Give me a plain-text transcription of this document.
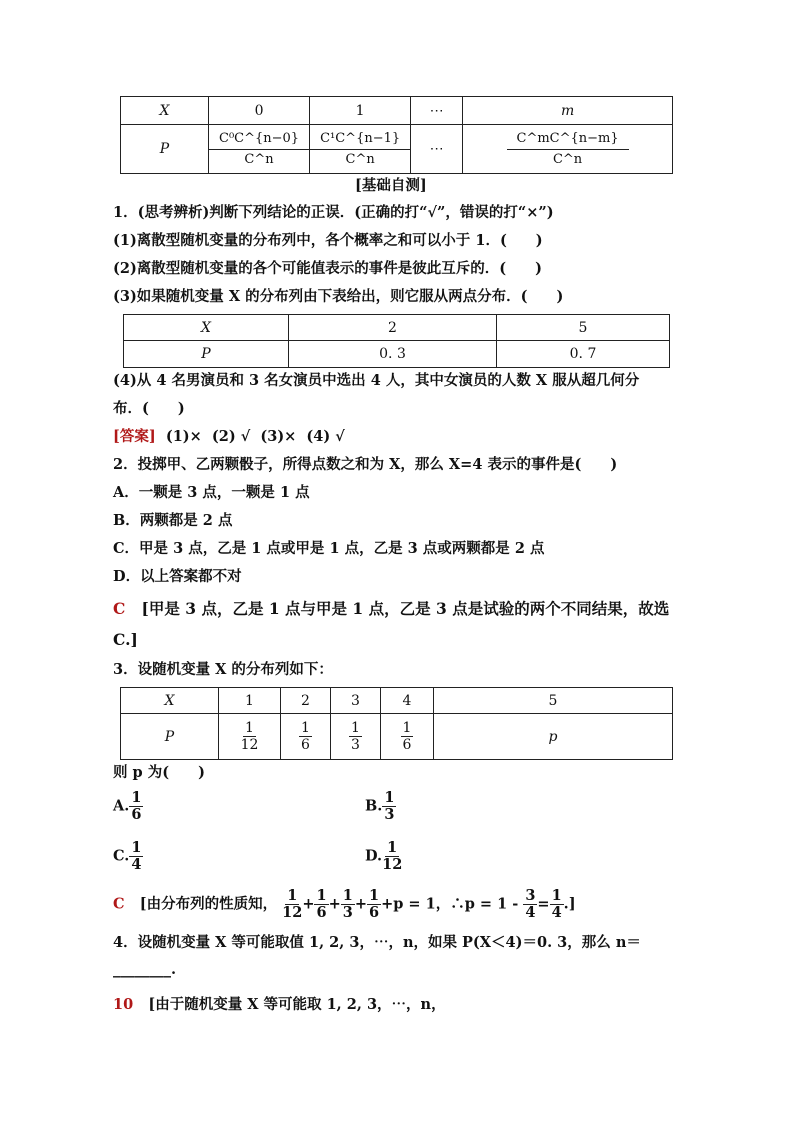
X	0	1	⋯	m
P	$\frac{\text{C⁰C\textasciicircum{}\{n−0\}}}{C\^{}n}$	$\frac{\text{C¹C\textasciicircum{}\{n−1\}}}{C\^{}n}$	⋯	$\frac{C\^{}mC\^{}\{n-m\}}{C\^{}n}$
[基础自测]
1．(思考辨析)判断下列结论的正误．(正确的打“√”，错误的打“×”)
(1)离散型随机变量的分布列中，各个概率之和可以小于 1．(　　)
(2)离散型随机变量的各个可能值表示的事件是彼此互斥的．(　　)
(3)如果随机变量 X 的分布列由下表给出，则它服从两点分布．(　　)
X	2	5
P	0. 3	0. 7
(4)从 4 名男演员和 3 名女演员中选出 4 人，其中女演员的人数 X 服从超几何分
布．(　　)
[答案]  (1)×  (2) √  (3)×  (4) √
2．投掷甲、乙两颗骰子，所得点数之和为 X，那么 X=4 表示的事件是(　　)
A．一颗是 3 点，一颗是 1 点
B．两颗都是 2 点
C．甲是 3 点，乙是 1 点或甲是 1 点，乙是 3 点或两颗都是 2 点
D．以上答案都不对
C [甲是 3 点，乙是 1 点与甲是 1 点，乙是 3 点是试验的两个不同结果，故选
C.]
3．设随机变量 X 的分布列如下：
X	1	2	3	4	5
P	$\frac{1}{12}$	$\frac{1}{6}$	$\frac{1}{3}$	$\frac{1}{6}$	p
则 p 为(　　)
A. $\frac{1}{6}$	B. $\frac{1}{3}$
C. $\frac{1}{4}$	D. $\frac{1}{12}$
C [由分布列的性质知， $\frac{1}{12} + \frac{1}{6} + \frac{1}{3} + \frac{1}{6} +p = 1$，∴p = $1 - \frac{3}{4} = \frac{1}{4}$ .]
4．设随机变量 X 等可能取值 1, 2, 3，⋯，n，如果 P(X＜4)＝0. 3，那么 n＝
________.
10 [由于随机变量 X 等可能取 1, 2, 3，⋯，n，
